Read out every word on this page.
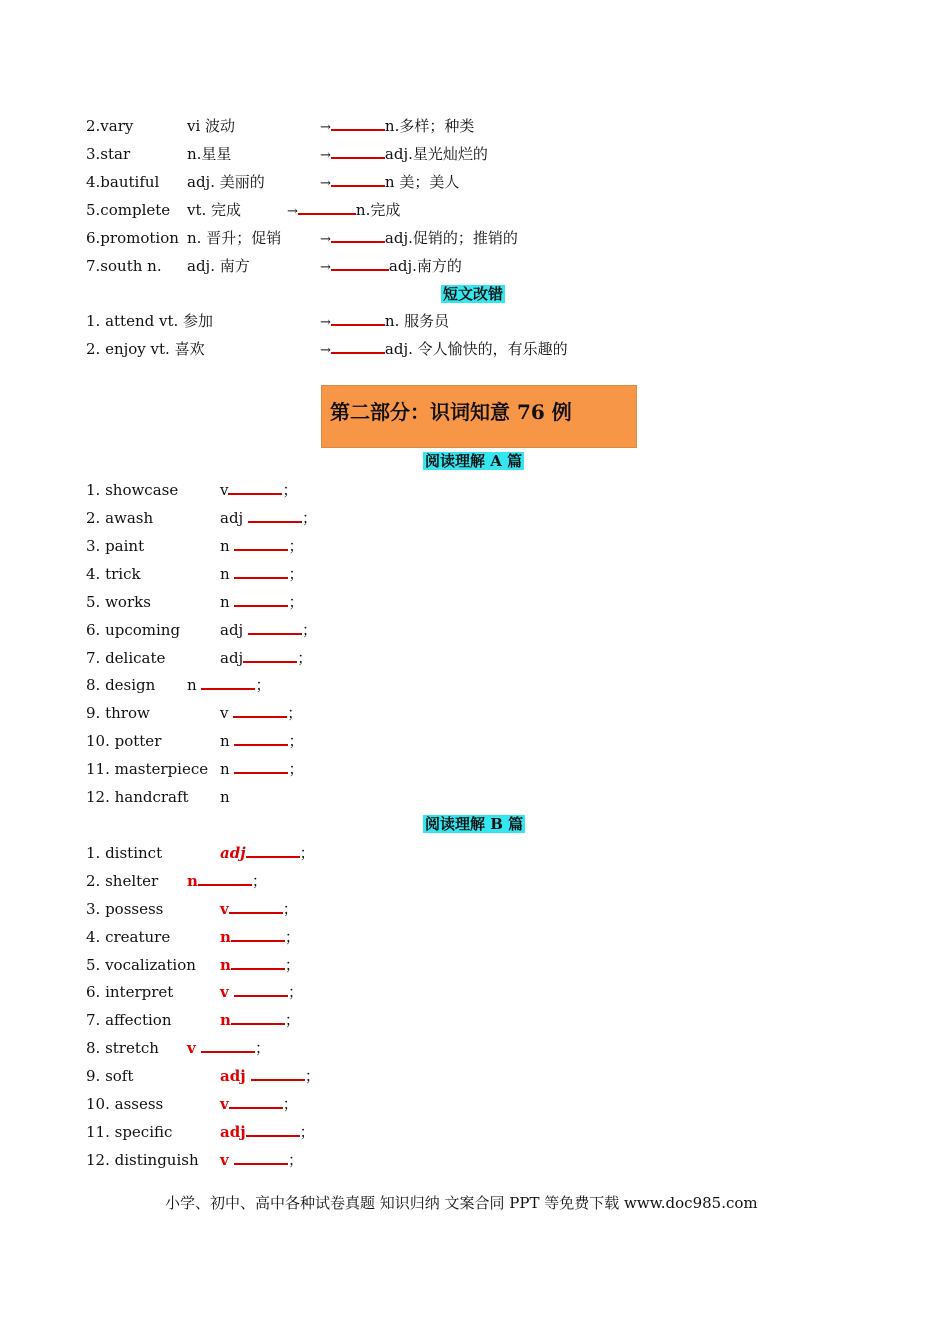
2.vary	vi 波动	→	n.多样；种类
3.star	n.星星	→	adj.星光灿烂的
4.bautiful adj. 美丽的	→	n 美；美人
5.complete vt. 完成	→	n.完成
6.promotion n. 晋升；促销	→	adj.促销的；推销的
7.south n. adj. 南方	→	adj.南方的
短文改错
1. attend vt. 参加	→	n. 服务员
2. enjoy vt. 喜欢	→	adj. 令人愉快的，有乐趣的
第二部分：识词知意 76 例
阅读理解 A 篇
1. showcase	v	；
2. awash	adj	；
3. paint	n	；
4. trick	n	；
5. works	n	；
6. upcoming	adj	；
7. delicate	adj	；
8. design n	；
9. throw	v	；
10. potter	n	；
11. masterpiece n	；
12. handcraft n
阅读理解 B 篇
1. distinct	adj	；
2. shelter n	；
3. possess	v	；
4. creature	n	；
5. vocalization n	；
6. interpret	v	；
7. affection	n	；
8. stretch v	；
9. soft	adj	；
10. assess	v	；
11. specific	adj	；
12. distinguish v	；
小学、初中、高中各种试卷真题 知识归纳 文案合同 PPT 等免费下载 www.doc985.com
